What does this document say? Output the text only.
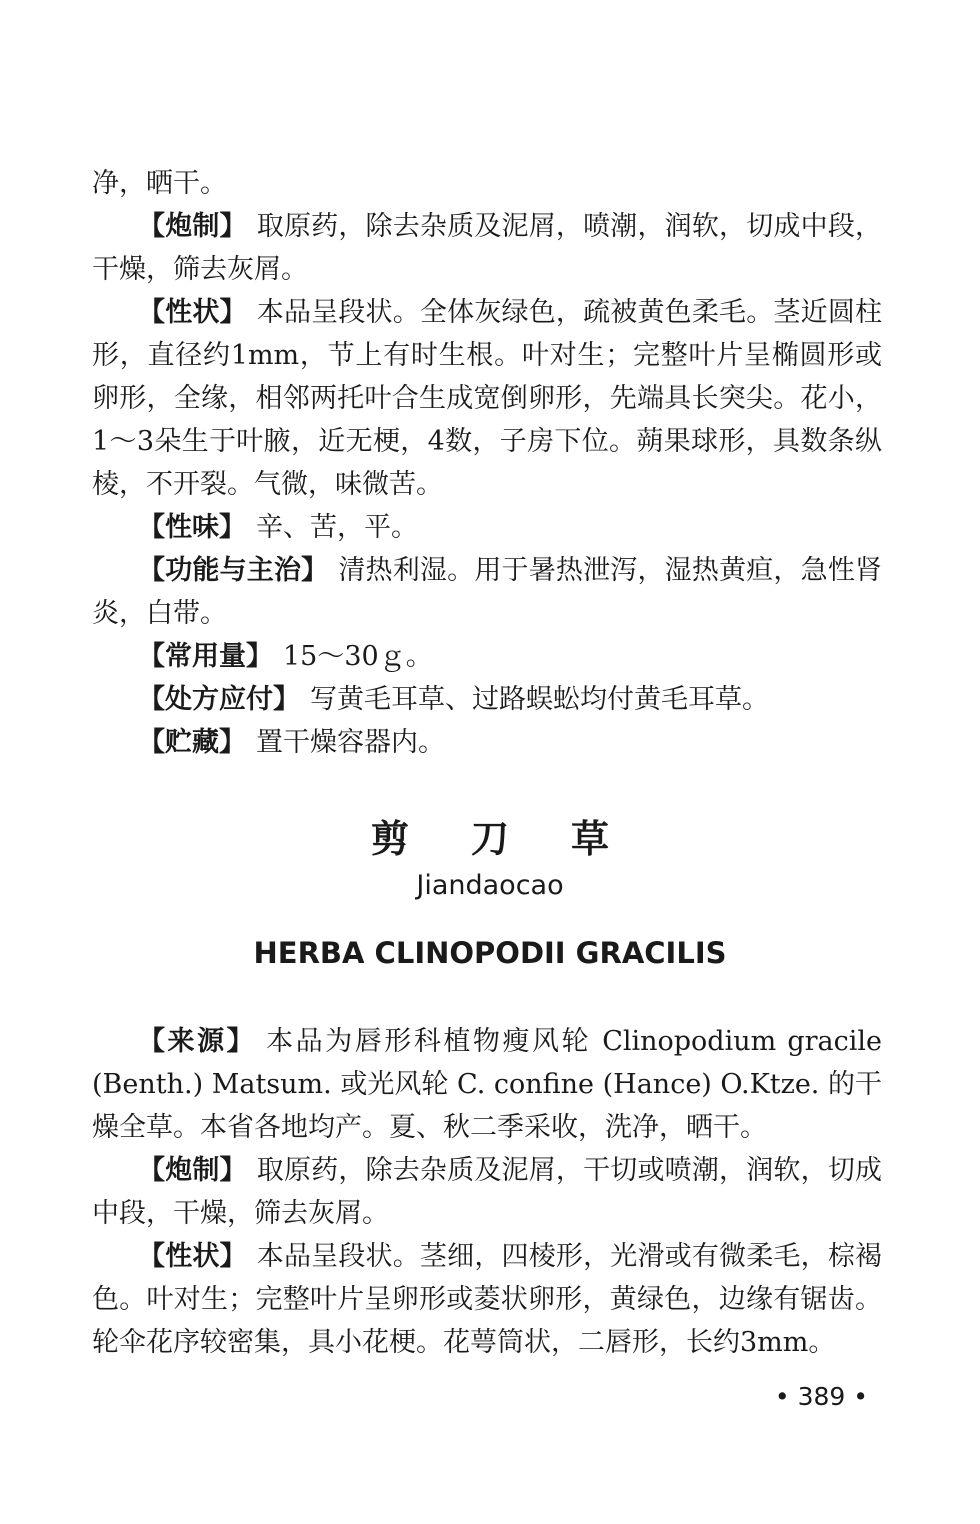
净，晒干。

【炮制】 取原药，除去杂质及泥屑，喷潮，润软，切成中段，干燥，筛去灰屑。

【性状】 本品呈段状。全体灰绿色，疏被黄色柔毛。茎近圆柱形，直径约1mm，节上有时生根。叶对生；完整叶片呈椭圆形或卵形，全缘，相邻两托叶合生成宽倒卵形，先端具长突尖。花小，1～3朵生于叶腋，近无梗，4数，子房下位。蒴果球形，具数条纵棱，不开裂。气微，味微苦。

【性味】 辛、苦，平。

【功能与主治】 清热利湿。用于暑热泄泻，湿热黄疸，急性肾炎，白带。

【常用量】 15～30ｇ。

【处方应付】 写黄毛耳草、过路蜈蚣均付黄毛耳草。

【贮藏】 置干燥容器内。

剪刀草
Jiandaocao
HERBA CLINOPODII GRACILIS

【来源】 本品为唇形科植物瘦风轮 Clinopodium gracile (Benth.) Matsum. 或光风轮 C. confine (Hance) O.Ktze. 的干燥全草。本省各地均产。夏、秋二季采收，洗净，晒干。

【炮制】 取原药，除去杂质及泥屑，干切或喷潮，润软，切成中段，干燥，筛去灰屑。

【性状】 本品呈段状。茎细，四棱形，光滑或有微柔毛，棕褐色。叶对生；完整叶片呈卵形或菱状卵形，黄绿色，边缘有锯齿。轮伞花序较密集，具小花梗。花萼筒状，二唇形，长约3mm。

• 389 •
